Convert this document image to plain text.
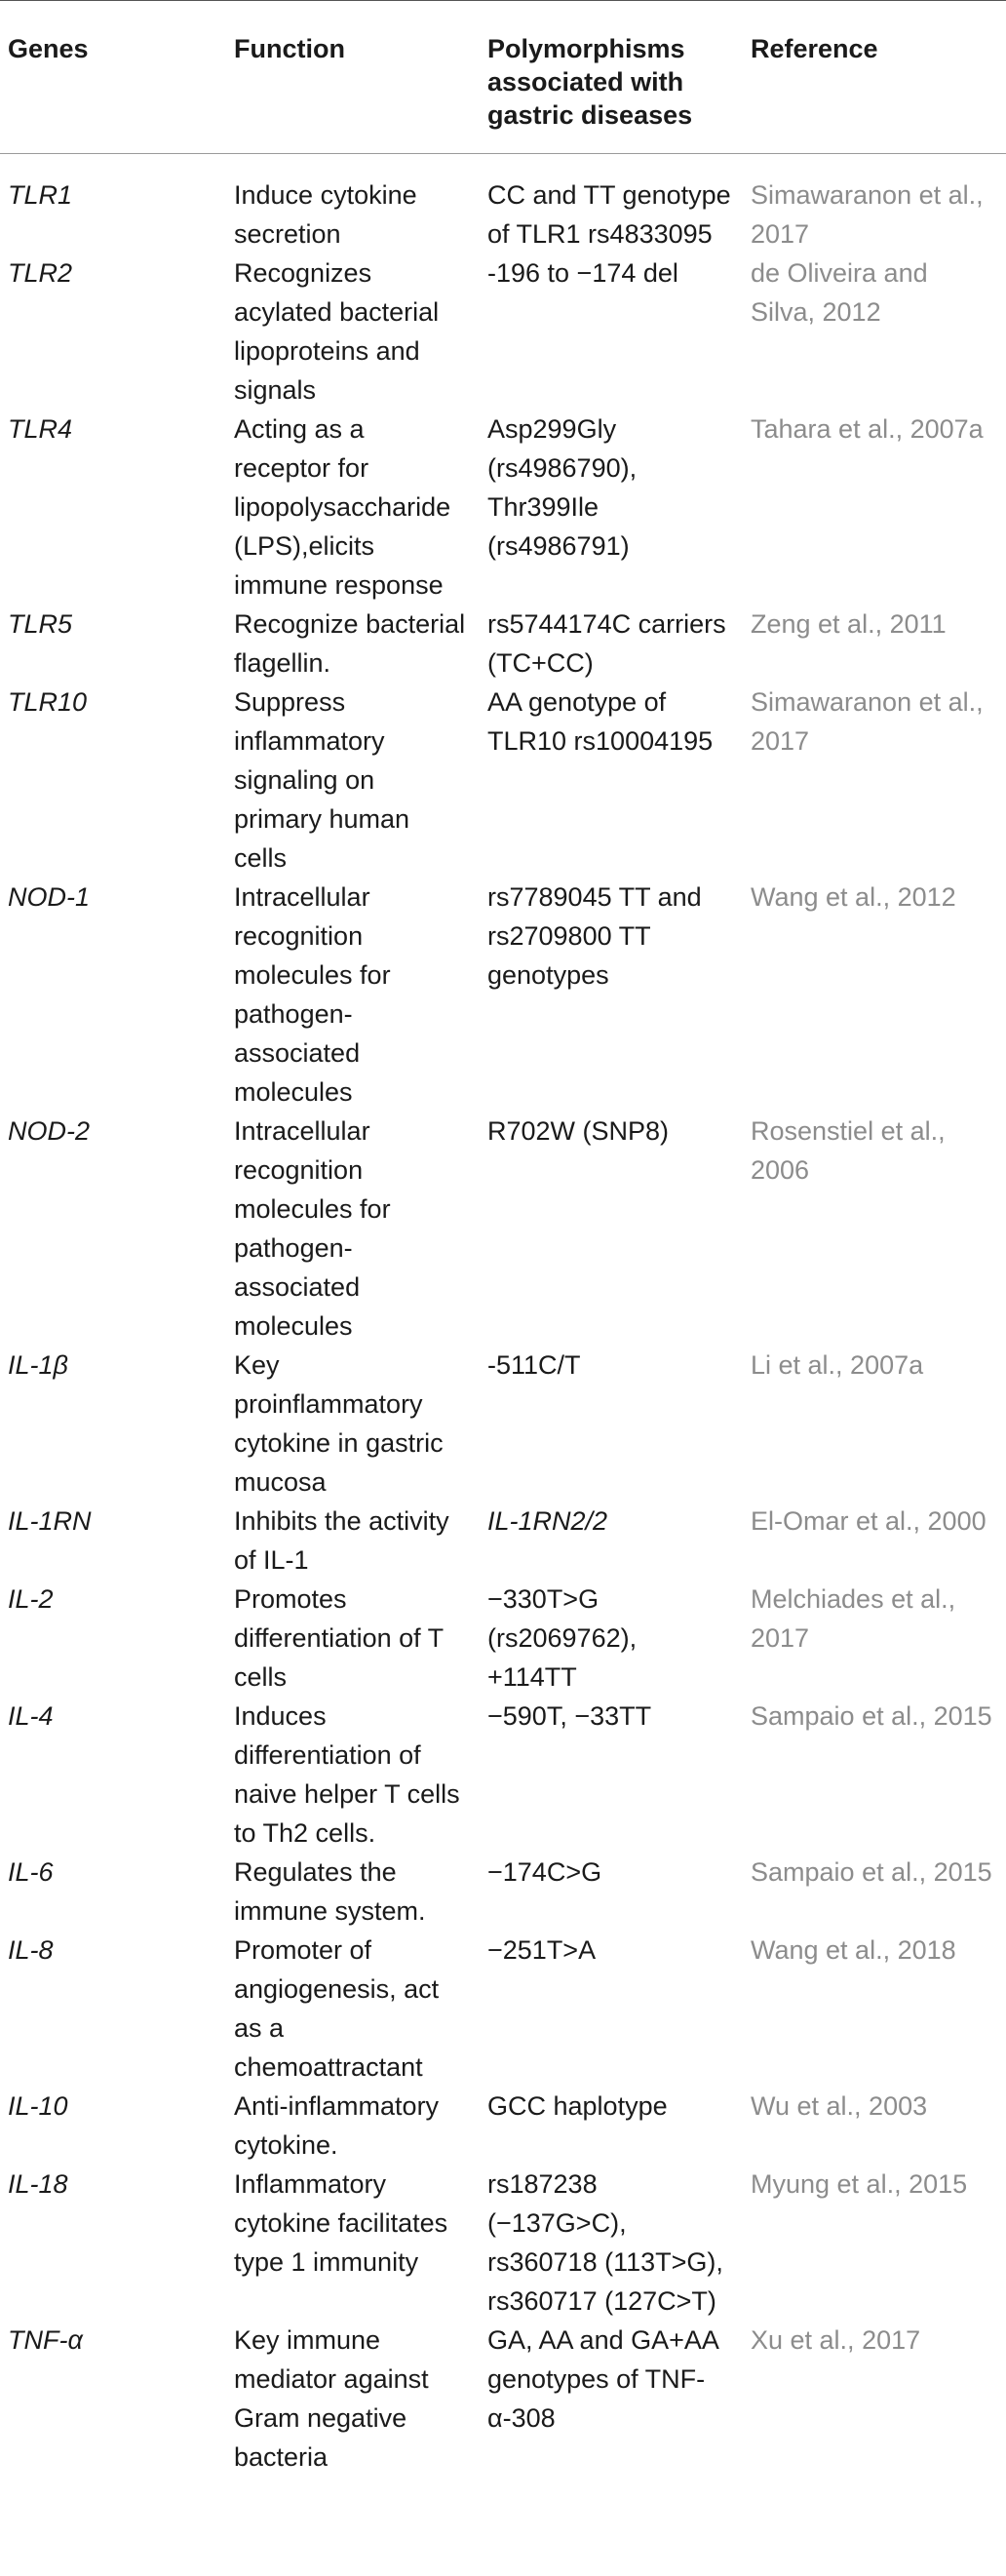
Genes	Function	Polymorphisms associated with gastric diseases	Reference
TLR1	Induce cytokine secretion	CC and TT genotype of TLR1 rs4833095	Simawaranon et al., 2017
TLR2	Recognizes acylated bacterial lipoproteins and signals	-196 to −174 del	de Oliveira and Silva, 2012
TLR4	Acting as a receptor for lipopolysaccharide (LPS),elicits immune response	Asp299Gly (rs4986790), Thr399Ile (rs4986791)	Tahara et al., 2007a
TLR5	Recognize bacterial flagellin.	rs5744174C carriers (TC+CC)	Zeng et al., 2011
TLR10	Suppress inflammatory signaling on primary human cells	AA genotype of TLR10 rs10004195	Simawaranon et al., 2017
NOD-1	Intracellular recognition molecules for pathogen-associated molecules	rs7789045 TT and rs2709800 TT genotypes	Wang et al., 2012
NOD-2	Intracellular recognition molecules for pathogen-associated molecules	R702W (SNP8)	Rosenstiel et al., 2006
IL-1β	Key proinflammatory cytokine in gastric mucosa	-511C/T	Li et al., 2007a
IL-1RN	Inhibits the activity of IL-1	IL-1RN2/2	El-Omar et al., 2000
IL-2	Promotes differentiation of T cells	−330T>G (rs2069762), +114TT	Melchiades et al., 2017
IL-4	Induces differentiation of naive helper T cells to Th2 cells.	−590T, −33TT	Sampaio et al., 2015
IL-6	Regulates the immune system.	−174C>G	Sampaio et al., 2015
IL-8	Promoter of angiogenesis, act as a chemoattractant	−251T>A	Wang et al., 2018
IL-10	Anti-inflammatory cytokine.	GCC haplotype	Wu et al., 2003
IL-18	Inflammatory cytokine facilitates type 1 immunity	rs187238 (−137G>C), rs360718 (113T>G), rs360717 (127C>T)	Myung et al., 2015
TNF-α	Key immune mediator against Gram negative bacteria	GA, AA and GA+AA genotypes of TNF-α-308	Xu et al., 2017
